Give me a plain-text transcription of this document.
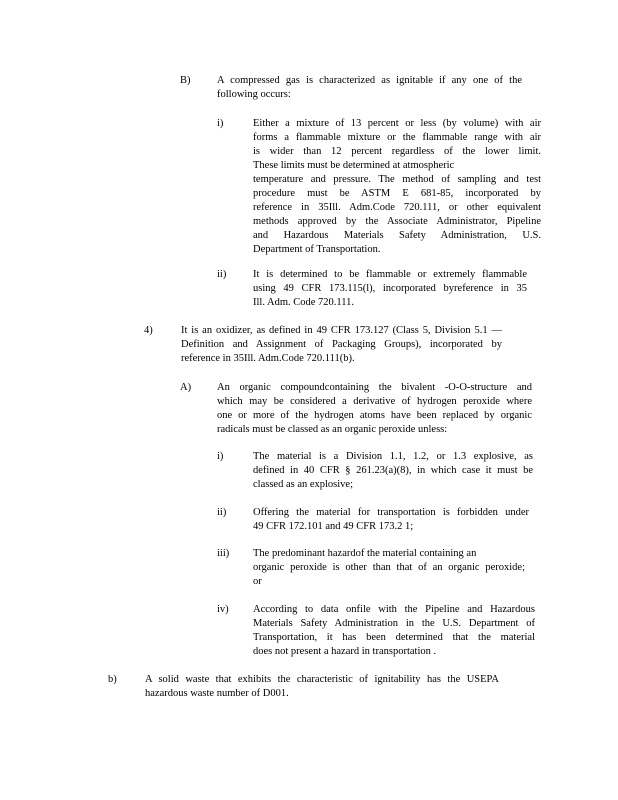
B)	A compressed gas is characterized as ignitable if any one of the
following occurs:
i)	Either a mixture of 13 percent or less (by volume) with air
forms a flammable mixture or the flammable range with air
is wider than 12 percent regardless of the lower limit.
These limits must be determined at atmospheric
temperature and pressure. The method of sampling and test
procedure must be ASTM E 681-85, incorporated by
reference in 35Ill. Adm.Code 720.111, or other equivalent
methods approved by the Associate Administrator, Pipeline
and Hazardous Materials Safety Administration, U.S.
Department of Transportation.
ii)	It is determined to be flammable or extremely flammable
using 49 CFR 173.115(l), incorporated byreference in 35
Ill. Adm. Code 720.111.
4)	It is an oxidizer, as defined in 49 CFR 173.127 (Class 5, Division 5.1 —
Definition and Assignment of Packaging Groups), incorporated by
reference in 35Ill. Adm.Code 720.111(b).
A) An organic compoundcontaining the bivalent -O-O-structure and
which may be considered a derivative of hydrogen peroxide where
one or more of the hydrogen atoms have been replaced by organic
radicals must be classed as an organic peroxide unless:
i)	The material is a Division 1.1, 1.2, or 1.3 explosive, as
defined in 40 CFR § 261.23(a)(8), in which case it must be
classed as an explosive;
ii)	Offering the material for transportation is forbidden under
49 CFR 172.101 and 49 CFR 173.2 1;
iii) The predominant hazardof the material containing an
organic peroxide is other than that of an organic peroxide;
or
iv) According to data onfile with the Pipeline and Hazardous
Materials Safety Administration in the U.S. Department of
Transportation, it has been determined that the material
does not present a hazard in transportation .
b)	A solid waste that exhibits the characteristic of ignitability has the USEPA
hazardous waste number of D001.
